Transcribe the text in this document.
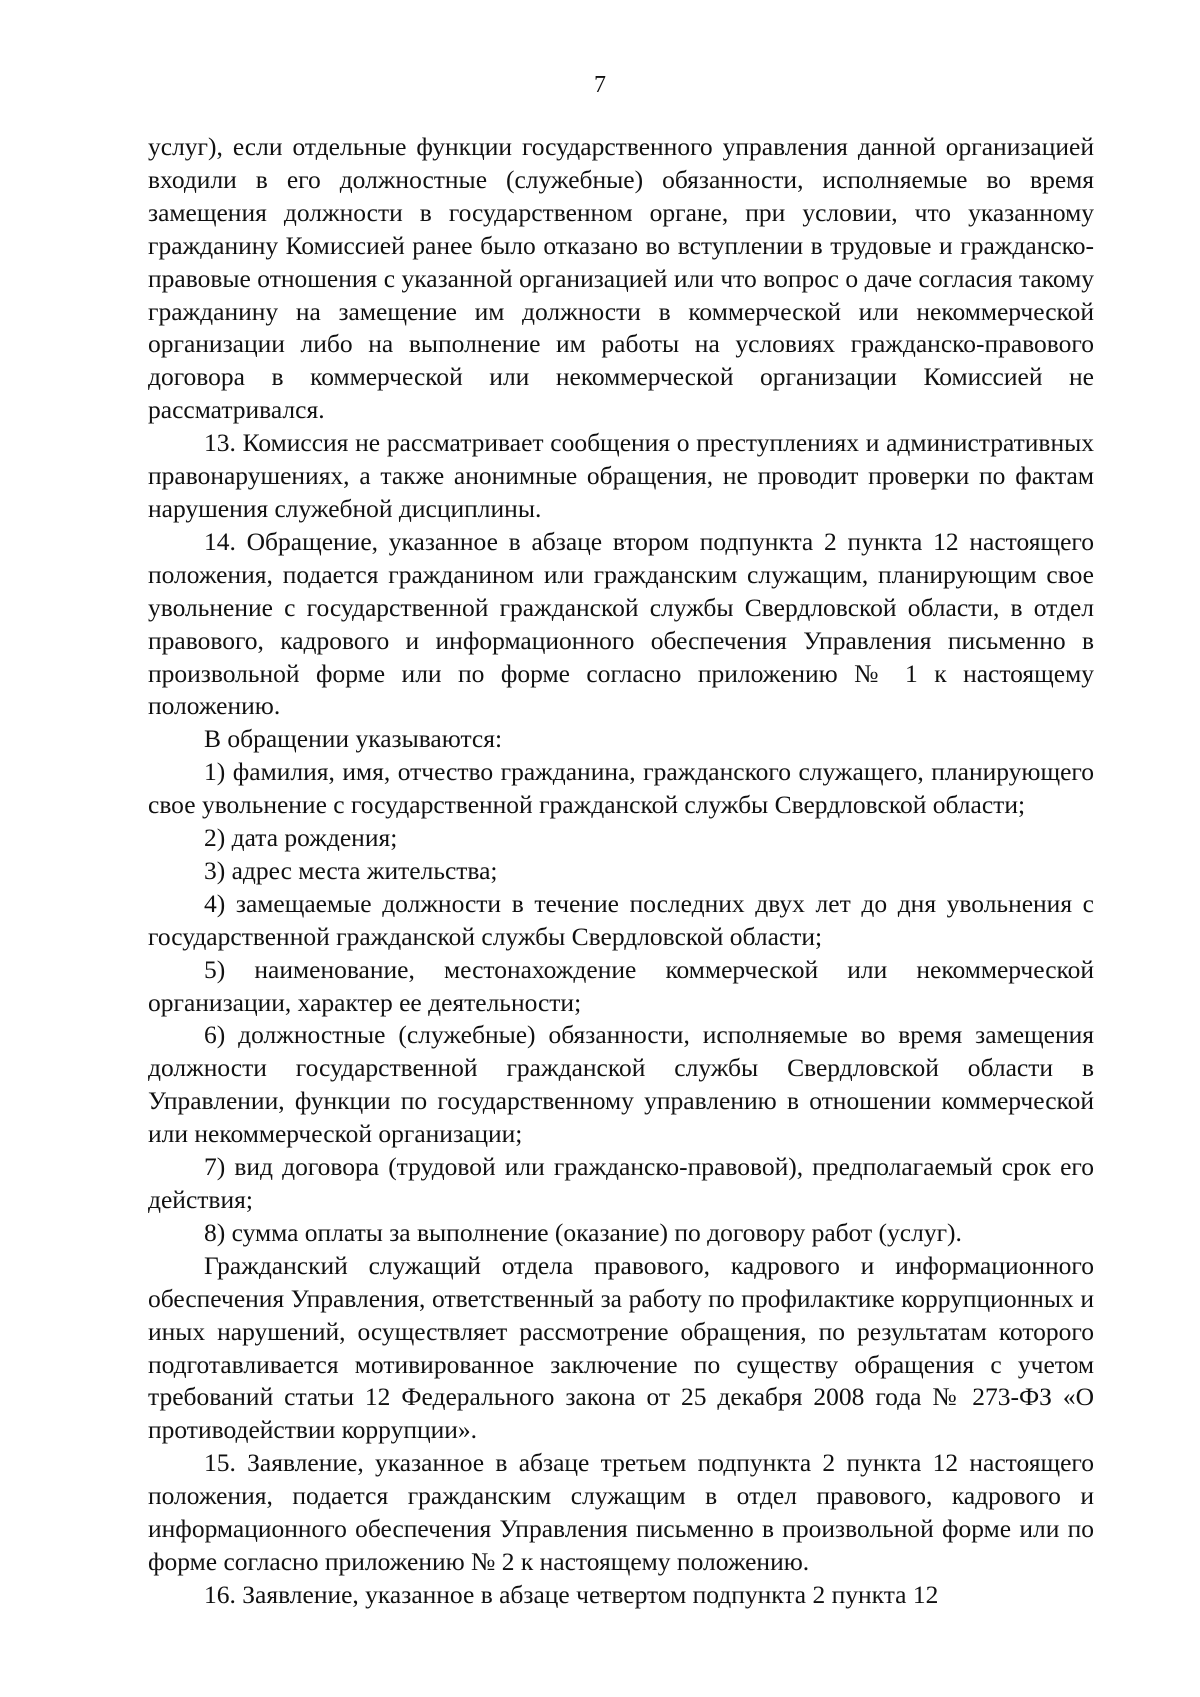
7

услуг), если отдельные функции государственного управления данной организацией входили в его должностные (служебные) обязанности, исполняемые во время замещения должности в государственном органе, при условии, что указанному гражданину Комиссией ранее было отказано во вступлении в трудовые и гражданско-правовые отношения с указанной организацией или что вопрос о даче согласия такому гражданину на замещение им должности в коммерческой или некоммерческой организации либо на выполнение им работы на условиях гражданско-правового договора в коммерческой или некоммерческой организации Комиссией не рассматривался.

13. Комиссия не рассматривает сообщения о преступлениях и административных правонарушениях, а также анонимные обращения, не проводит проверки по фактам нарушения служебной дисциплины.

14. Обращение, указанное в абзаце втором подпункта 2 пункта 12 настоящего положения, подается гражданином или гражданским служащим, планирующим свое увольнение с государственной гражданской службы Свердловской области, в отдел правового, кадрового и информационного обеспечения Управления письменно в произвольной форме или по форме согласно приложению № 1 к настоящему положению.

В обращении указываются:

1) фамилия, имя, отчество гражданина, гражданского служащего, планирующего свое увольнение с государственной гражданской службы Свердловской области;

2) дата рождения;

3) адрес места жительства;

4) замещаемые должности в течение последних двух лет до дня увольнения с государственной гражданской службы Свердловской области;

5) наименование, местонахождение коммерческой или некоммерческой организации, характер ее деятельности;

6) должностные (служебные) обязанности, исполняемые во время замещения должности государственной гражданской службы Свердловской области в Управлении, функции по государственному управлению в отношении коммерческой или некоммерческой организации;

7) вид договора (трудовой или гражданско-правовой), предполагаемый срок его действия;

8) сумма оплаты за выполнение (оказание) по договору работ (услуг).

Гражданский служащий отдела правового, кадрового и информационного обеспечения Управления, ответственный за работу по профилактике коррупционных и иных нарушений, осуществляет рассмотрение обращения, по результатам которого подготавливается мотивированное заключение по существу обращения с учетом требований статьи 12 Федерального закона от 25 декабря 2008 года № 273-ФЗ «О противодействии коррупции».

15. Заявление, указанное в абзаце третьем подпункта 2 пункта 12 настоящего положения, подается гражданским служащим в отдел правового, кадрового и информационного обеспечения Управления письменно в произвольной форме или по форме согласно приложению № 2 к настоящему положению.

16. Заявление, указанное в абзаце четвертом подпункта 2 пункта 12
